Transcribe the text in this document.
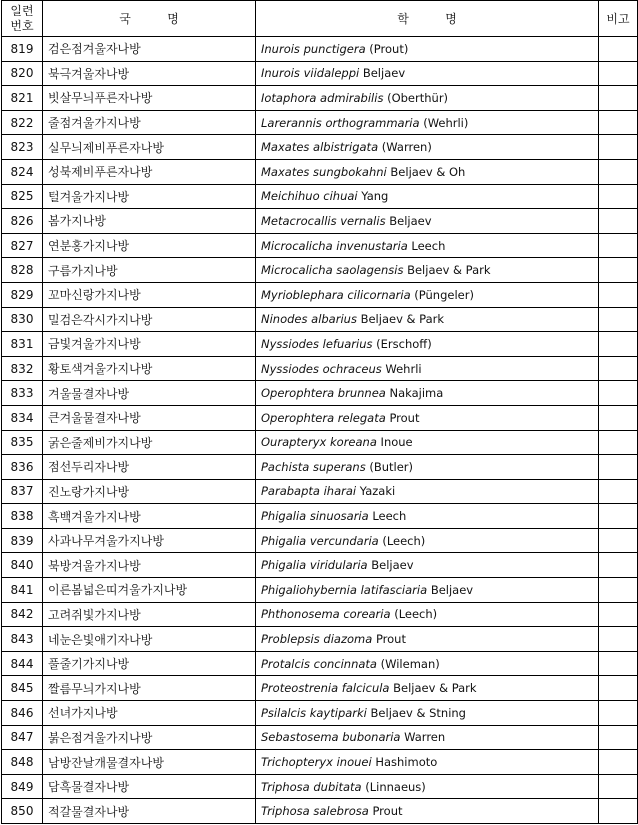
일련
번호	국 명	학 명	비고
819	검은점겨울자나방	Inurois punctigera (Prout)	
820	북극겨울자나방	Inurois viidaleppi Beljaev	
821	빗살무늬푸른자나방	Iotaphora admirabilis (Oberthür)	
822	줄점겨울가지나방	Larerannis orthogrammaria (Wehrli)	
823	실무늬제비푸른자나방	Maxates albistrigata (Warren)	
824	성북제비푸른자나방	Maxates sungbokahni Beljaev & Oh	
825	털겨울가지나방	Meichihuo cihuai Yang	
826	봄가지나방	Metacrocallis vernalis Beljaev	
827	연분홍가지나방	Microcalicha invenustaria Leech	
828	구름가지나방	Microcalicha saolagensis Beljaev & Park	
829	꼬마신랑가지나방	Myrioblephara cilicornaria (Püngeler)	
830	밀검은각시가지나방	Ninodes albarius Beljaev & Park	
831	금빛겨울가지나방	Nyssiodes lefuarius (Erschoff)	
832	황토색겨울가지나방	Nyssiodes ochraceus Wehrli	
833	겨울물결자나방	Operophtera brunnea Nakajima	
834	큰겨울물결자나방	Operophtera relegata Prout	
835	굵은줄제비가지나방	Ourapteryx koreana Inoue	
836	점선두리자나방	Pachista superans (Butler)	
837	진노랑가지나방	Parabapta iharai Yazaki	
838	흑백겨울가지나방	Phigalia sinuosaria Leech	
839	사과나무겨울가지나방	Phigalia vercundaria (Leech)	
840	북방겨울가지나방	Phigalia viridularia Beljaev	
841	이른봄넓은띠겨울가지나방	Phigaliohybernia latifasciaria Beljaev	
842	고려쥐빛가지나방	Phthonosema corearia (Leech)	
843	네눈은빛애기자나방	Problepsis diazoma Prout	
844	풀줄기가지나방	Protalcis concinnata (Wileman)	
845	짤름무늬가지나방	Proteostrenia falcicula Beljaev & Park	
846	선녀가지나방	Psilalcis kaytiparki Beljaev & Stning	
847	붉은점겨울가지나방	Sebastosema bubonaria Warren	
848	남방잔날개물결자나방	Trichopteryx inouei Hashimoto	
849	담흑물결자나방	Triphosa dubitata (Linnaeus)	
850	적갈물결자나방	Triphosa salebrosa Prout	
